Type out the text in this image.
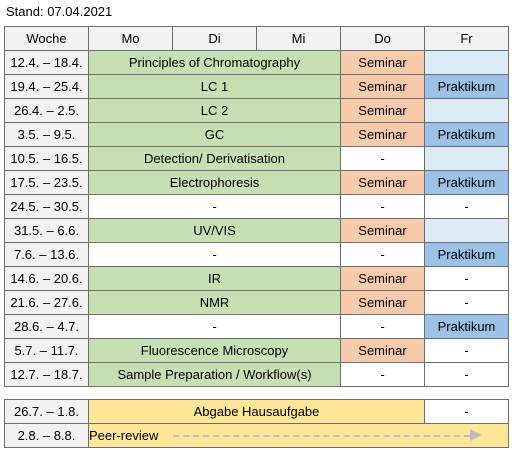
Stand: 07.04.2021
Woche	Mo	Di	Mi	Do	Fr
12.4. – 18.4.	Principles of Chromatography			Seminar	
19.4. – 25.4.	LC 1			Seminar	Praktikum
26.4. – 2.5.	LC 2			Seminar	
3.5. – 9.5.	GC			Seminar	Praktikum
10.5. – 16.5.	Detection/ Derivatisation			-	
17.5. – 23.5.	Electrophoresis			Seminar	Praktikum
24.5. – 30.5.	-			-	-
31.5. – 6.6.	UV/VIS			Seminar	
7.6. – 13.6.	-			-	Praktikum
14.6. – 20.6.	IR			Seminar	-
21.6. – 27.6.	NMR			Seminar	-
28.6. – 4.7.	-			-	Praktikum
5.7. – 11.7.	Fluorescence Microscopy			Seminar	-
12.7. – 18.7.	Sample Preparation / Workflow(s)			-	-
26.7. – 1.8.	Abgabe Hausaufgabe	-
2.8. – 8.8.	Peer-review	
